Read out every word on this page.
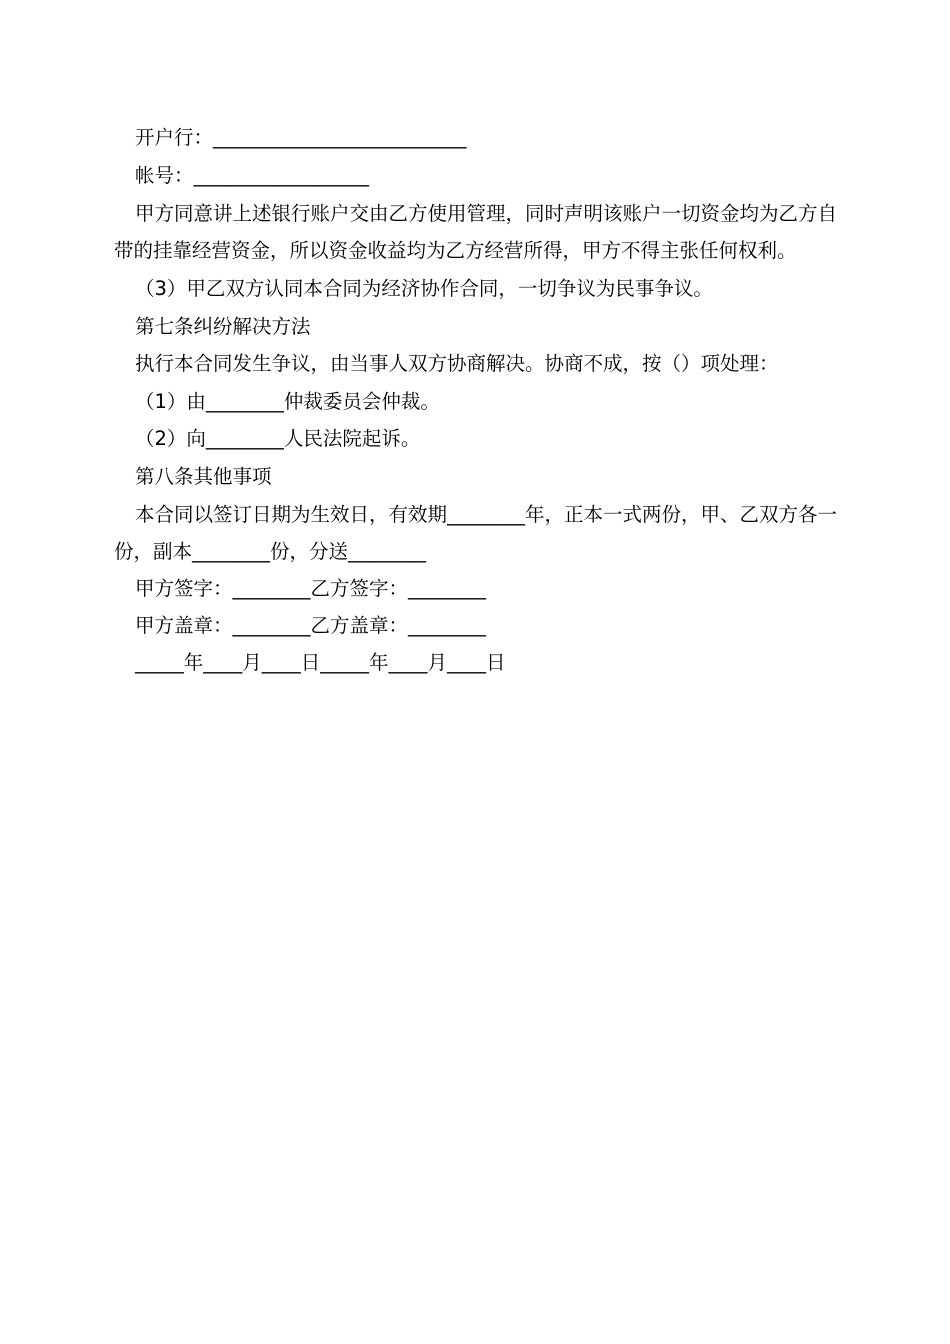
开户行：__________________________
帐号：__________________
甲方同意讲上述银行账户交由乙方使用管理，同时声明该账户一切资金均为乙方自
带的挂靠经营资金，所以资金收益均为乙方经营所得，甲方不得主张任何权利。
（3）甲乙双方认同本合同为经济协作合同，一切争议为民事争议。
第七条纠纷解决方法
执行本合同发生争议，由当事人双方协商解决。协商不成，按（）项处理：
（1）由________仲裁委员会仲裁。
（2）向________人民法院起诉。
第八条其他事项
本合同以签订日期为生效日，有效期________年，正本一式两份，甲、乙双方各一
份，副本________份，分送________
甲方签字：________乙方签字：________
甲方盖章：________乙方盖章：________
_____年____月____日_____年____月____日
